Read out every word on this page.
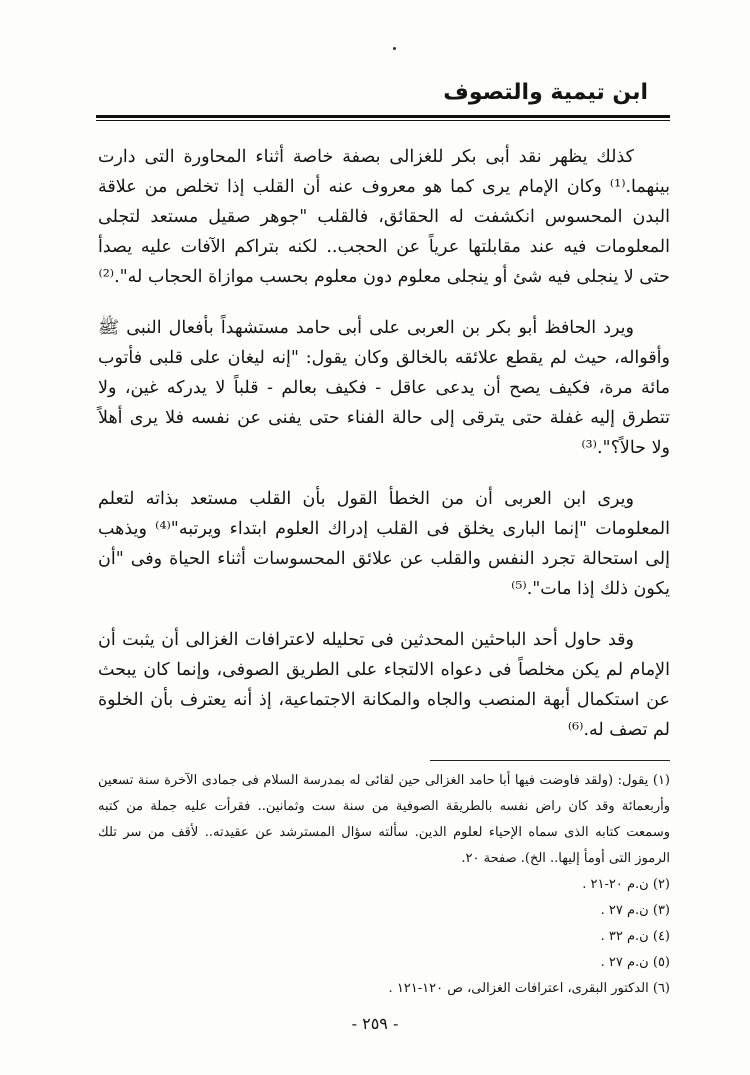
ابن تيمية والتصوف

كذلك يظهر نقد أبى بكر للغزالى بصفة خاصة أثناء المحاورة التى دارت بينهما.⁽¹⁾ وكان الإمام يرى كما هو معروف عنه أن القلب إذا تخلص من علاقة البدن المحسوس انكشفت له الحقائق، فالقلب "جوهر صقيل مستعد لتجلى المعلومات فيه عند مقابلتها عرياً عن الحجب.. لكنه بتراكم الآفات عليه يصدأ حتى لا ينجلى فيه شئ أو ينجلى معلوم دون معلوم بحسب موازاة الحجاب له".⁽²⁾

ويرد الحافظ أبو بكر بن العربى على أبى حامد مستشهداً بأفعال النبى ﷺ وأقواله، حيث لم يقطع علائقه بالخالق وكان يقول: "إنه ليغان على قلبى فأتوب مائة مرة، فكيف يصح أن يدعى عاقل - فكيف بعالم - قلباً لا يدركه غين، ولا تتطرق إليه غفلة حتى يترقى إلى حالة الفناء حتى يفنى عن نفسه فلا يرى أهلاً ولا حالاً؟".⁽³⁾

ويرى ابن العربى أن من الخطأ القول بأن القلب مستعد بذاته لتعلم المعلومات "إنما البارى يخلق فى القلب إدراك العلوم ابتداء ويرتبه"⁽⁴⁾ ويذهب إلى استحالة تجرد النفس والقلب عن علائق المحسوسات أثناء الحياة وفى "أن يكون ذلك إذا مات".⁽⁵⁾

وقد حاول أحد الباحثين المحدثين فى تحليله لاعترافات الغزالى أن يثبت أن الإمام لم يكن مخلصاً فى دعواه الالتجاء على الطريق الصوفى، وإنما كان يبحث عن استكمال أبهة المنصب والجاه والمكانة الاجتماعية، إذ أنه يعترف بأن الخلوة لم تصف له.⁽⁶⁾

(١) يقول: (ولقد فاوضت فيها أبا حامد الغزالى حين لقائى له بمدرسة السلام فى جمادى الآخرة سنة تسعين وأربعمائة وقد كان راض نفسه بالطريقة الصوفية من سنة ست وثمانين.. فقرأت عليه جملة من كتبه وسمعت كتابه الذى سماه الإحياء لعلوم الدين. سألته سؤال المسترشد عن عقيدته.. لأقف من سر تلك الرموز التى أومأ إليها.. الخ). صفحة ٢٠.

(٢) ن.م ٢٠-٢١ .

(٣) ن.م ٢٧ .

(٤) ن.م ٣٢ .

(٥) ن.م ٢٧ .

(٦) الدكتور البقرى، اعترافات الغزالى، ص ١٢٠-١٢١ .

- ٢٥٩ -
